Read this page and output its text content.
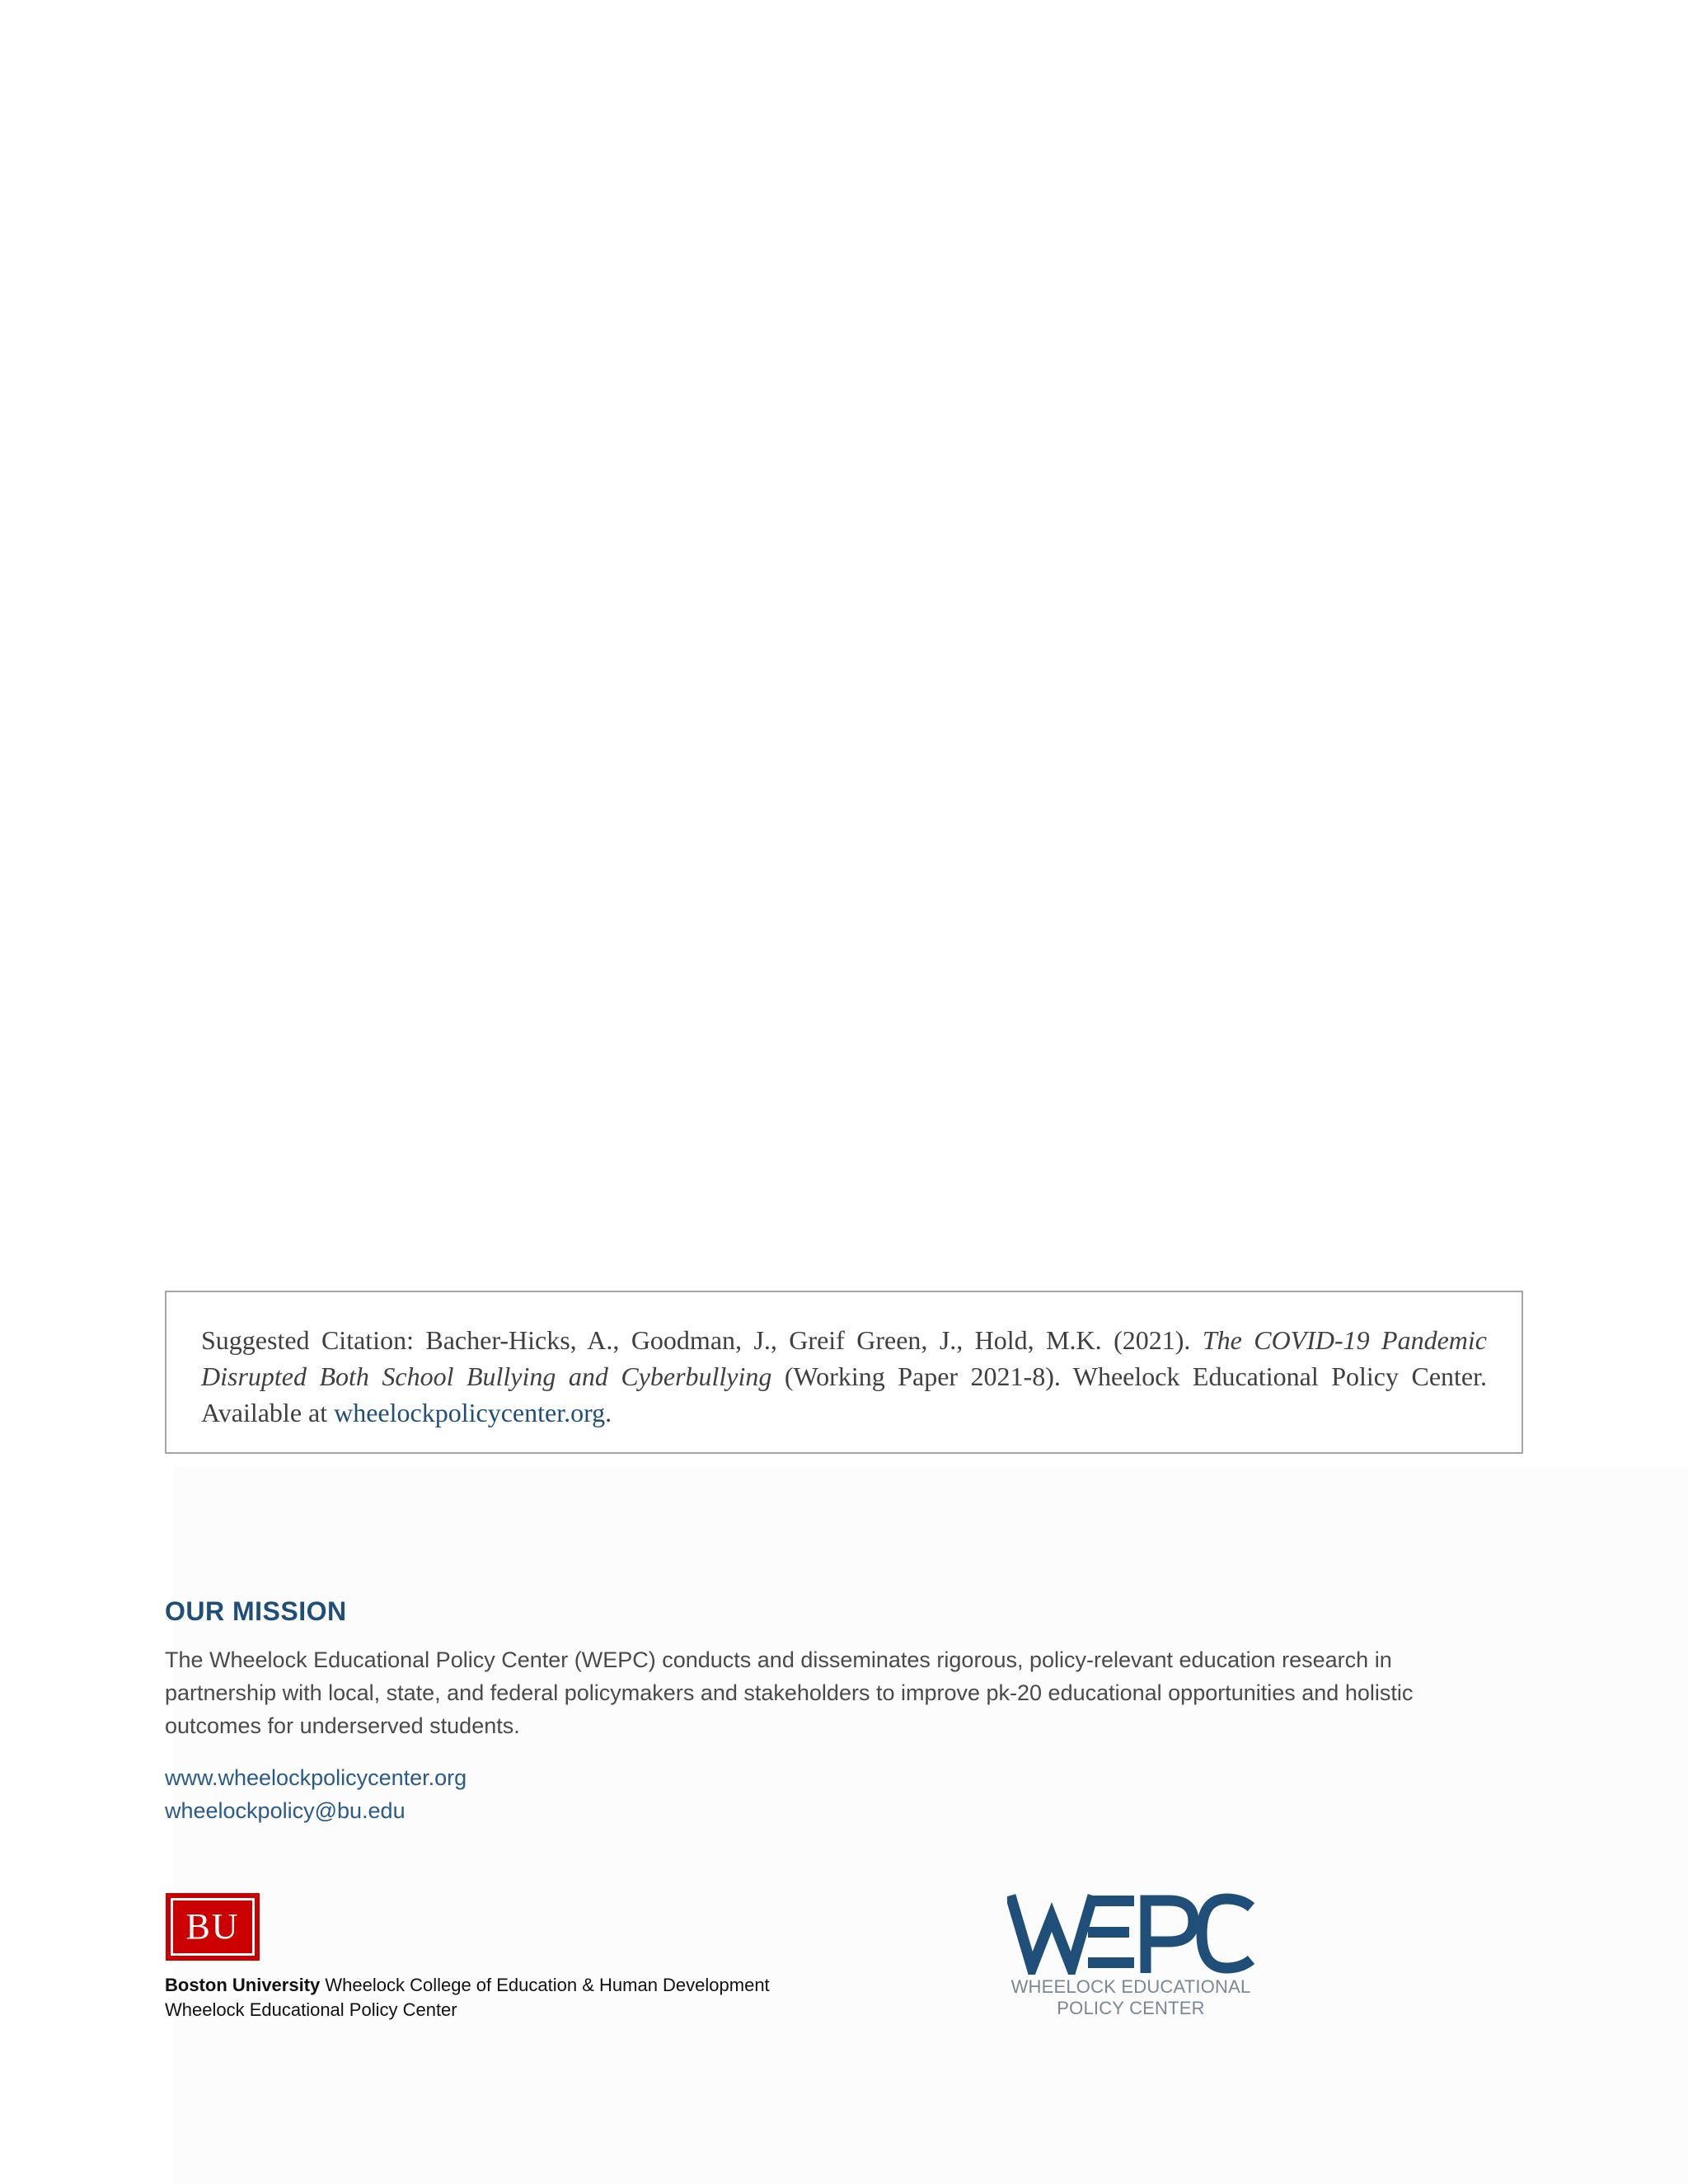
Suggested Citation: Bacher-Hicks, A., Goodman, J., Greif Green, J., Hold, M.K. (2021). The COVID-19 Pandemic Disrupted Both School Bullying and Cyberbullying (Working Paper 2021-8). Wheelock Educational Policy Center. Available at wheelockpolicycenter.org.

OUR MISSION

The Wheelock Educational Policy Center (WEPC) conducts and disseminates rigorous, policy-relevant education research in partnership with local, state, and federal policymakers and stakeholders to improve pk-20 educational opportunities and holistic outcomes for underserved students.

www.wheelockpolicycenter.org
wheelockpolicy@bu.edu
BU
Boston University Wheelock College of Education & Human Development
Wheelock Educational Policy Center
WHEELOCK EDUCATIONAL
POLICY CENTER
